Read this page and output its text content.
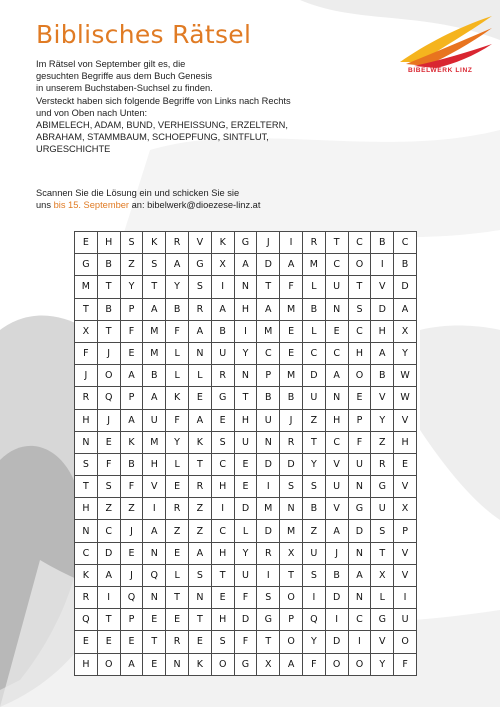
Biblisches Rätsel
BIBELWERK LINZ

Im Rätsel von September gilt es, die

gesuchten Begriffe aus dem Buch Genesis

in unserem Buchstaben-Suchsel zu finden.

Versteckt haben sich folgende Begriffe von Links nach Rechts

und von Oben nach Unten:

ABIMELECH, ADAM, BUND, VERHEISSUNG, ERZELTERN,

ABRAHAM, STAMMBAUM, SCHOEPFUNG, SINTFLUT,

URGESCHICHTE

Scannen Sie die Lösung ein und schicken Sie sie

uns bis 15. September an: bibelwerk@dioezese-linz.at

E	H	S	K	R	V	K	G	J	I	R	T	C	B	C
G	B	Z	S	A	G	X	A	D	A	M	C	O	I	B
M	T	Y	T	Y	S	I	N	T	F	L	U	T	V	D
T	B	P	A	B	R	A	H	A	M	B	N	S	D	A
X	T	F	M	F	A	B	I	M	E	L	E	C	H	X
F	J	E	M	L	N	U	Y	C	E	C	C	H	A	Y
J	O	A	B	L	L	R	N	P	M	D	A	O	B	W
R	Q	P	A	K	E	G	T	B	B	U	N	E	V	W
H	J	A	U	F	A	E	H	U	J	Z	H	P	Y	V
N	E	K	M	Y	K	S	U	N	R	T	C	F	Z	H
S	F	B	H	L	T	C	E	D	D	Y	V	U	R	E
T	S	F	V	E	R	H	E	I	S	S	U	N	G	V
H	Z	Z	I	R	Z	I	D	M	N	B	V	G	U	X
N	C	J	A	Z	Z	C	L	D	M	Z	A	D	S	P
C	D	E	N	E	A	H	Y	R	X	U	J	N	T	V
K	A	J	Q	L	S	T	U	I	T	S	B	A	X	V
R	I	Q	N	T	N	E	F	S	O	I	D	N	L	I
Q	T	P	E	E	T	H	D	G	P	Q	I	C	G	U
E	E	E	T	R	E	S	F	T	O	Y	D	I	V	O
H	O	A	E	N	K	O	G	X	A	F	O	O	Y	F
